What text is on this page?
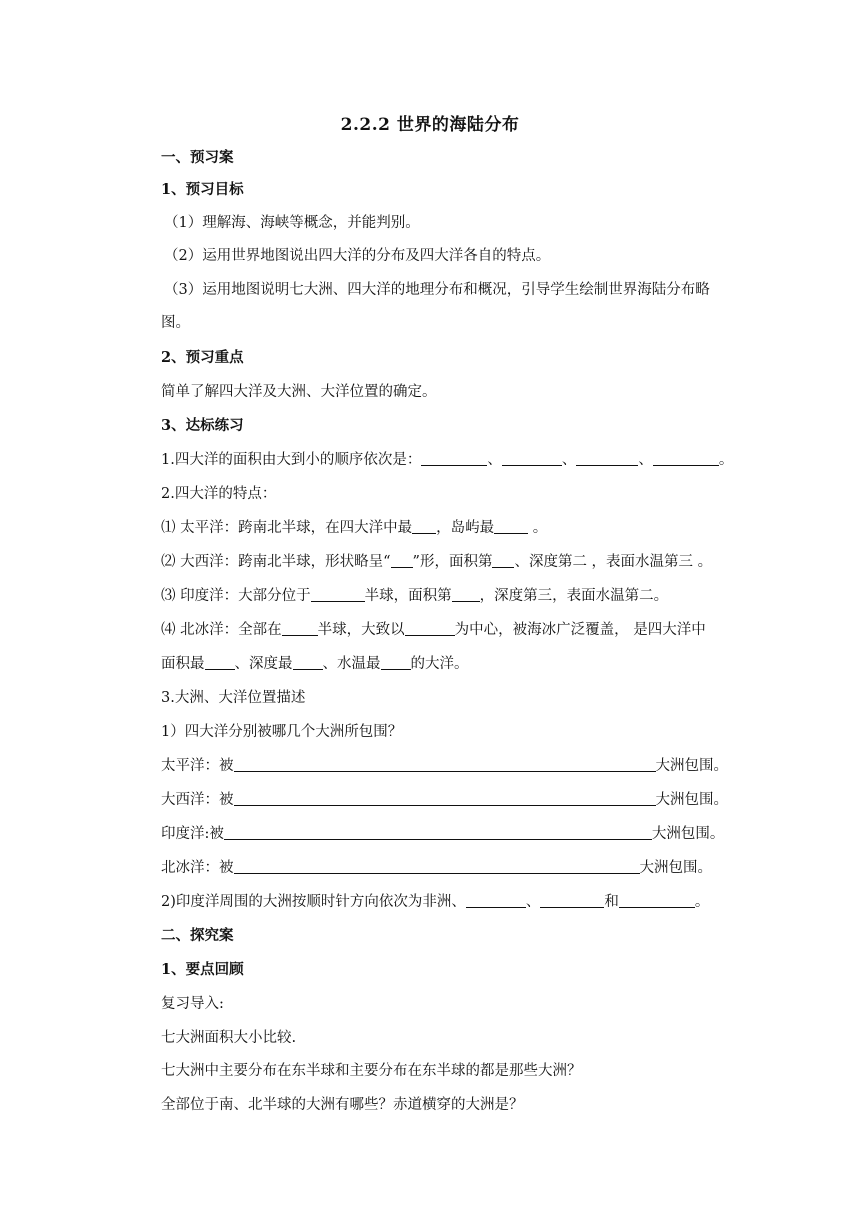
2.2.2 世界的海陆分布
一、预习案
1、预习目标
（1）理解海、海峡等概念，并能判别。
（2）运用世界地图说出四大洋的分布及四大洋各自的特点。
（3）运用地图说明七大洲、四大洋的地理分布和概况，引导学生绘制世界海陆分布略
图。
2、预习重点
简单了解四大洋及大洲、大洋位置的确定。
3、达标练习
1.四大洋的面积由大到小的顺序依次是：	、	、	、	。
2.四大洋的特点：
⑴ 太平洋：跨南北半球，在四大洋中最 ，岛屿最 。
⑵ 大西洋：跨南北半球，形状略呈“ ”形，面积第 、深度第二 ，表面水温第三 。
⑶ 印度洋：大部分位于	半球，面积第 ，深度第三，表面水温第二。
⑷ 北冰洋：全部在 半球，大致以	为中心，被海冰广泛覆盖， 是四大洋中
面积最 、深度最 、水温最 的大洋。
3.大洲、大洋位置描述
1）四大洋分别被哪几个大洲所包围？
太平洋：被	大洲包围。
大西洋：被	大洲包围。
印度洋:被	大洲包围。
北冰洋：被	大洲包围。
2)印度洋周围的大洲按顺时针方向依次为非洲、	、	和	。
二、探究案
1、要点回顾
复习导入:
七大洲面积大小比较.
七大洲中主要分布在东半球和主要分布在东半球的都是那些大洲？
全部位于南、北半球的大洲有哪些？赤道横穿的大洲是？
